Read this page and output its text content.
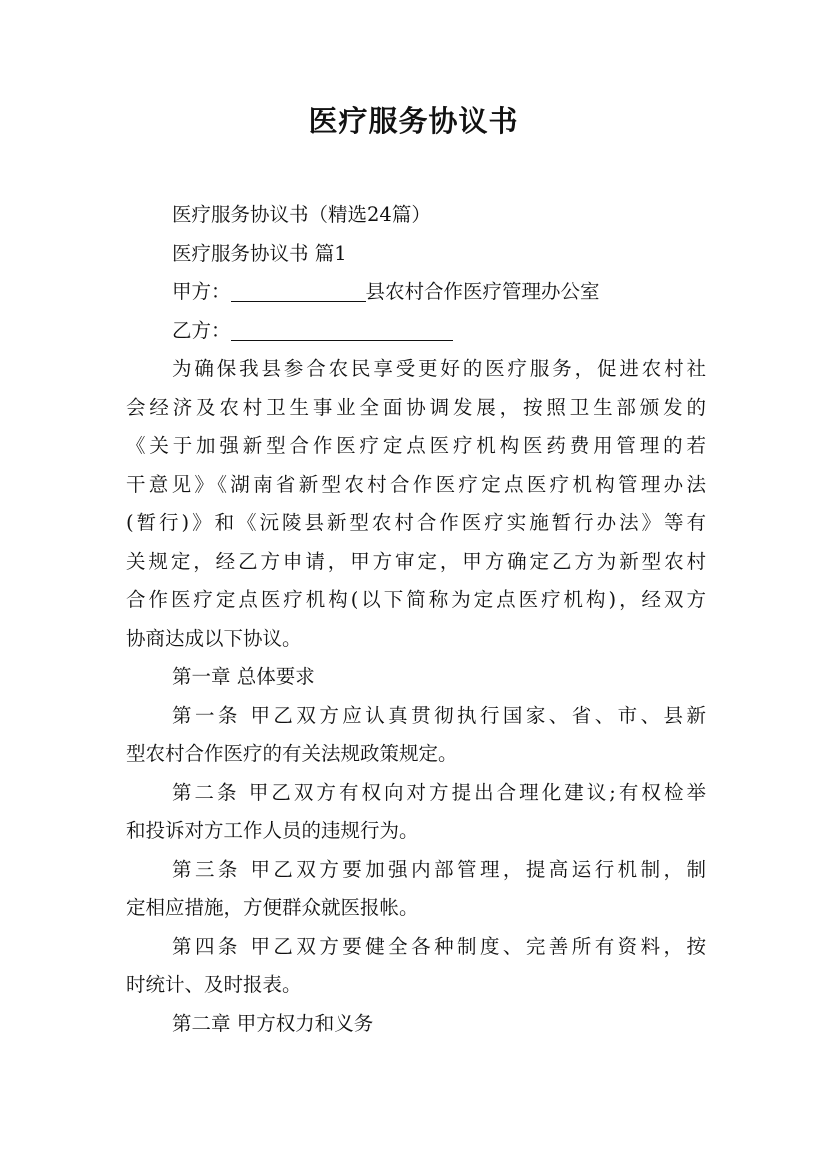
医疗服务协议书
医疗服务协议书（精选24篇）
医疗服务协议书 篇1
甲方：	县农村合作医疗管理办公室
乙方：
为确保我县参合农民享受更好的医疗服务，促进农村社
会经济及农村卫生事业全面协调发展，按照卫生部颁发的
《关于加强新型合作医疗定点医疗机构医药费用管理的若
干意见》《湖南省新型农村合作医疗定点医疗机构管理办法
(暂行)》和《沅陵县新型农村合作医疗实施暂行办法》等有
关规定，经乙方申请，甲方审定，甲方确定乙方为新型农村
合作医疗定点医疗机构(以下简称为定点医疗机构)，经双方
协商达成以下协议。
第一章 总体要求
第一条 甲乙双方应认真贯彻执行国家、省、市、县新
型农村合作医疗的有关法规政策规定。
第二条 甲乙双方有权向对方提出合理化建议;有权检举
和投诉对方工作人员的违规行为。
第三条 甲乙双方要加强内部管理，提高运行机制，制
定相应措施，方便群众就医报帐。
第四条 甲乙双方要健全各种制度、完善所有资料，按
时统计、及时报表。
第二章 甲方权力和义务
